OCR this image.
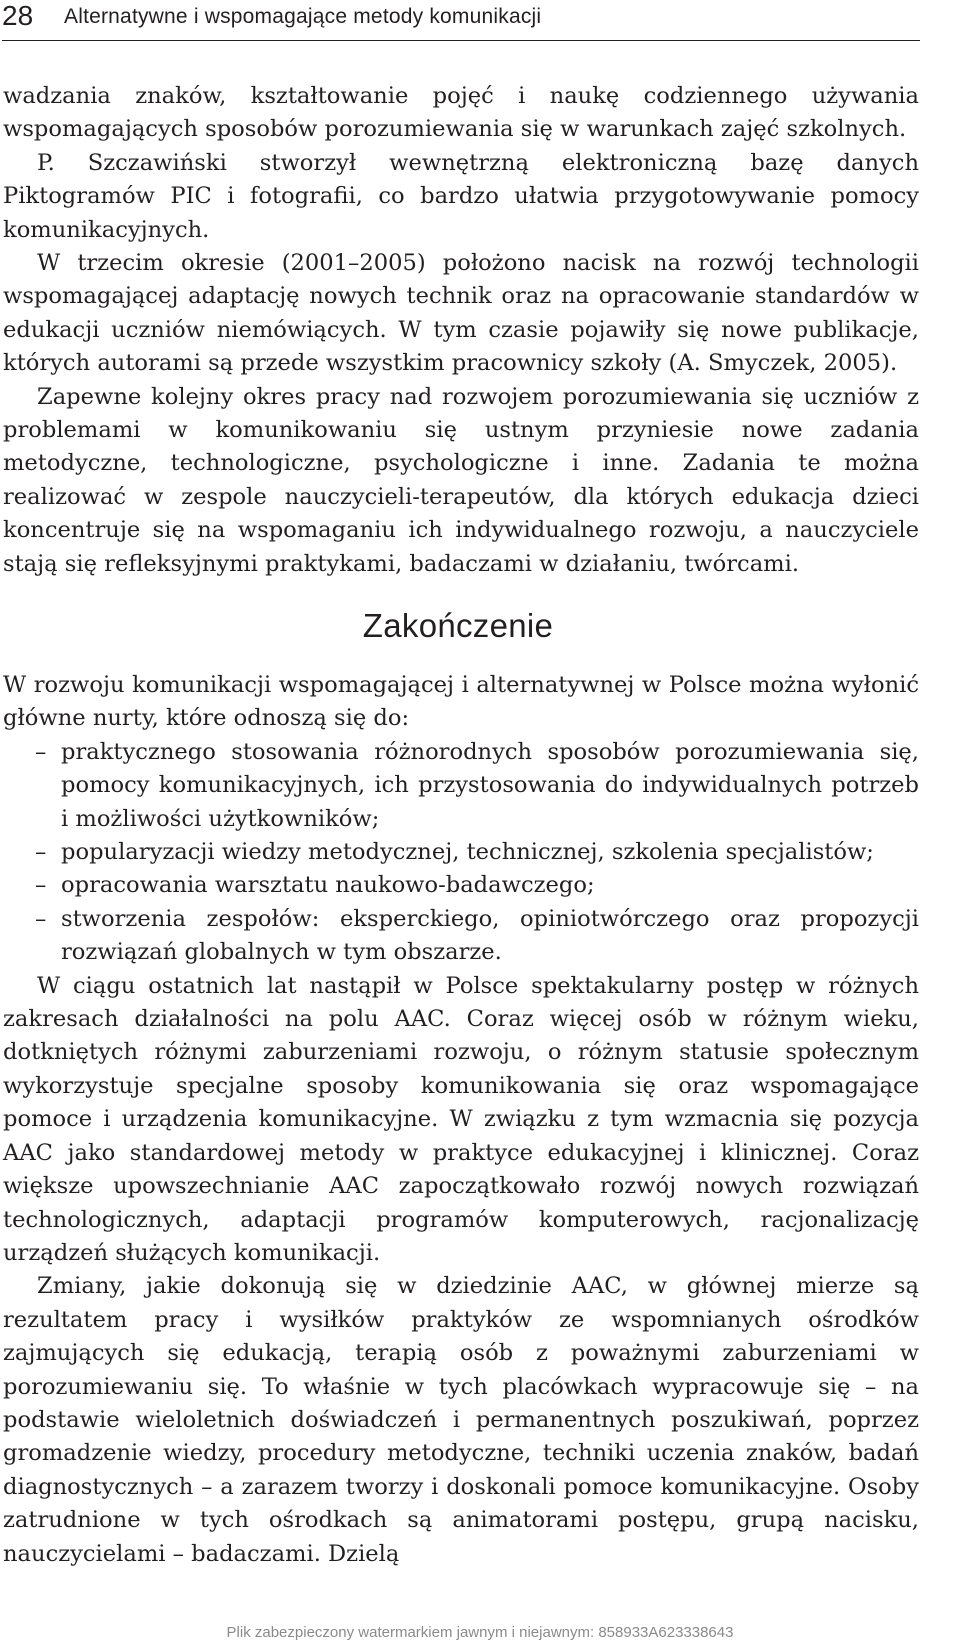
28 Alternatywne i wspomagające metody komunikacji

wadzania znaków, kształtowanie pojęć i naukę codziennego używania wspomagających sposobów porozumiewania się w warunkach zajęć szkolnych.

P. Szczawiński stworzył wewnętrzną elektroniczną bazę danych Piktogramów PIC i fotografii, co bardzo ułatwia przygotowywanie pomocy komunikacyjnych.

W trzecim okresie (2001–2005) położono nacisk na rozwój technologii wspomagającej adaptację nowych technik oraz na opracowanie standardów w edukacji uczniów niemówiących. W tym czasie pojawiły się nowe publikacje, których autorami są przede wszystkim pracownicy szkoły (A. Smyczek, 2005).

Zapewne kolejny okres pracy nad rozwojem porozumiewania się uczniów z problemami w komunikowaniu się ustnym przyniesie nowe zadania metodyczne, technologiczne, psychologiczne i inne. Zadania te można realizować w zespole nauczycieli-terapeutów, dla których edukacja dzieci koncentruje się na wspomaganiu ich indywidualnego rozwoju, a nauczyciele stają się refleksyjnymi praktykami, badaczami w działaniu, twórcami.

Zakończenie

W rozwoju komunikacji wspomagającej i alternatywnej w Polsce można wyłonić główne nurty, które odnoszą się do:

– praktycznego stosowania różnorodnych sposobów porozumiewania się, pomocy komunikacyjnych, ich przystosowania do indywidualnych potrzeb i możliwości użytkowników;
– popularyzacji wiedzy metodycznej, technicznej, szkolenia specjalistów;
– opracowania warsztatu naukowo-badawczego;
– stworzenia zespołów: eksperckiego, opiniotwórczego oraz propozycji rozwiązań globalnych w tym obszarze.

W ciągu ostatnich lat nastąpił w Polsce spektakularny postęp w różnych zakresach działalności na polu AAC. Coraz więcej osób w różnym wieku, dotkniętych różnymi zaburzeniami rozwoju, o różnym statusie społecznym wykorzystuje specjalne sposoby komunikowania się oraz wspomagające pomoce i urządzenia komunikacyjne. W związku z tym wzmacnia się pozycja AAC jako standardowej metody w praktyce edukacyjnej i klinicznej. Coraz większe upowszechnianie AAC zapoczątkowało rozwój nowych rozwiązań technologicznych, adaptacji programów komputerowych, racjonalizację urządzeń służących komunikacji.

Zmiany, jakie dokonują się w dziedzinie AAC, w głównej mierze są rezultatem pracy i wysiłków praktyków ze wspomnianych ośrodków zajmujących się edukacją, terapią osób z poważnymi zaburzeniami w porozumiewaniu się. To właśnie w tych placówkach wypracowuje się – na podstawie wieloletnich doświadczeń i permanentnych poszukiwań, poprzez gromadzenie wiedzy, procedury metodyczne, techniki uczenia znaków, badań diagnostycznych – a zarazem tworzy i doskonali pomoce komunikacyjne. Osoby zatrudnione w tych ośrodkach są animatorami postępu, grupą nacisku, nauczycielami – badaczami. Dzielą

Plik zabezpieczony watermarkiem jawnym i niejawnym: 858933A623338643
